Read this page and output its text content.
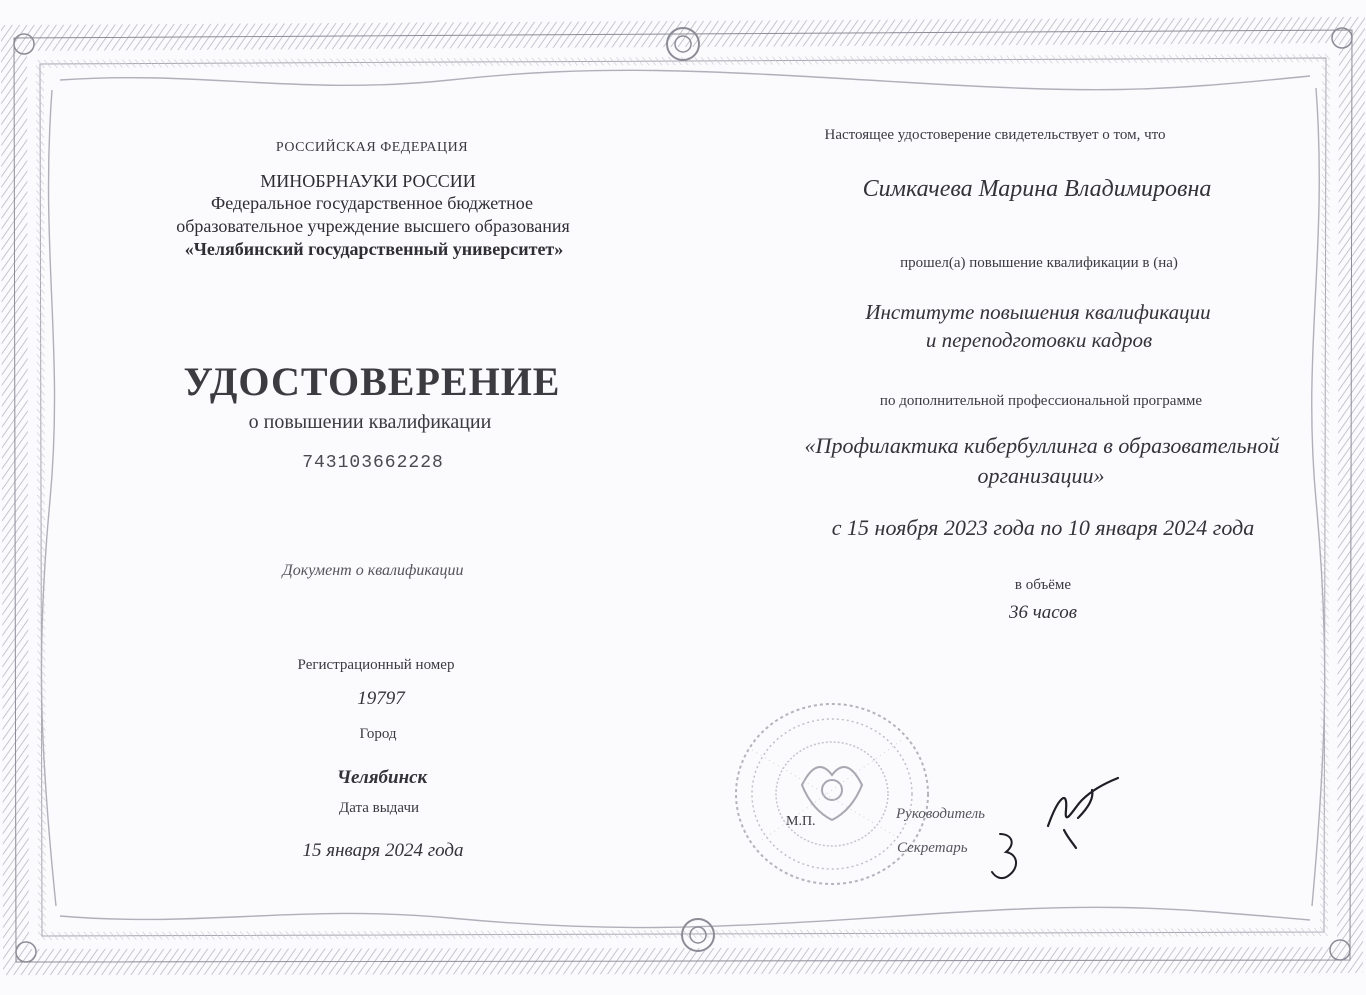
РОССИЙСКАЯ ФЕДЕРАЦИЯ
МИНОБРНАУКИ РОССИИ
Федеральное государственное бюджетное
образовательное учреждение высшего образования
«Челябинский государственный университет»
УДОСТОВЕРЕНИЕ
о повышении квалификации
743103662228
Документ о квалификации
Регистрационный номер
19797
Город
Челябинск
Дата выдачи
15 января 2024 года
Настоящее удостоверение свидетельствует о том, что
Симкачева Марина Владимировна
прошел(а) повышение квалификации в (на)
Институте повышения квалификации
и переподготовки кадров
по дополнительной профессиональной программе
«Профилактика кибербуллинга в образовательной
организации»
с 15 ноября 2023 года по 10 января 2024 года
в объёме
36 часов
М.П.	Руководитель
Секретарь
